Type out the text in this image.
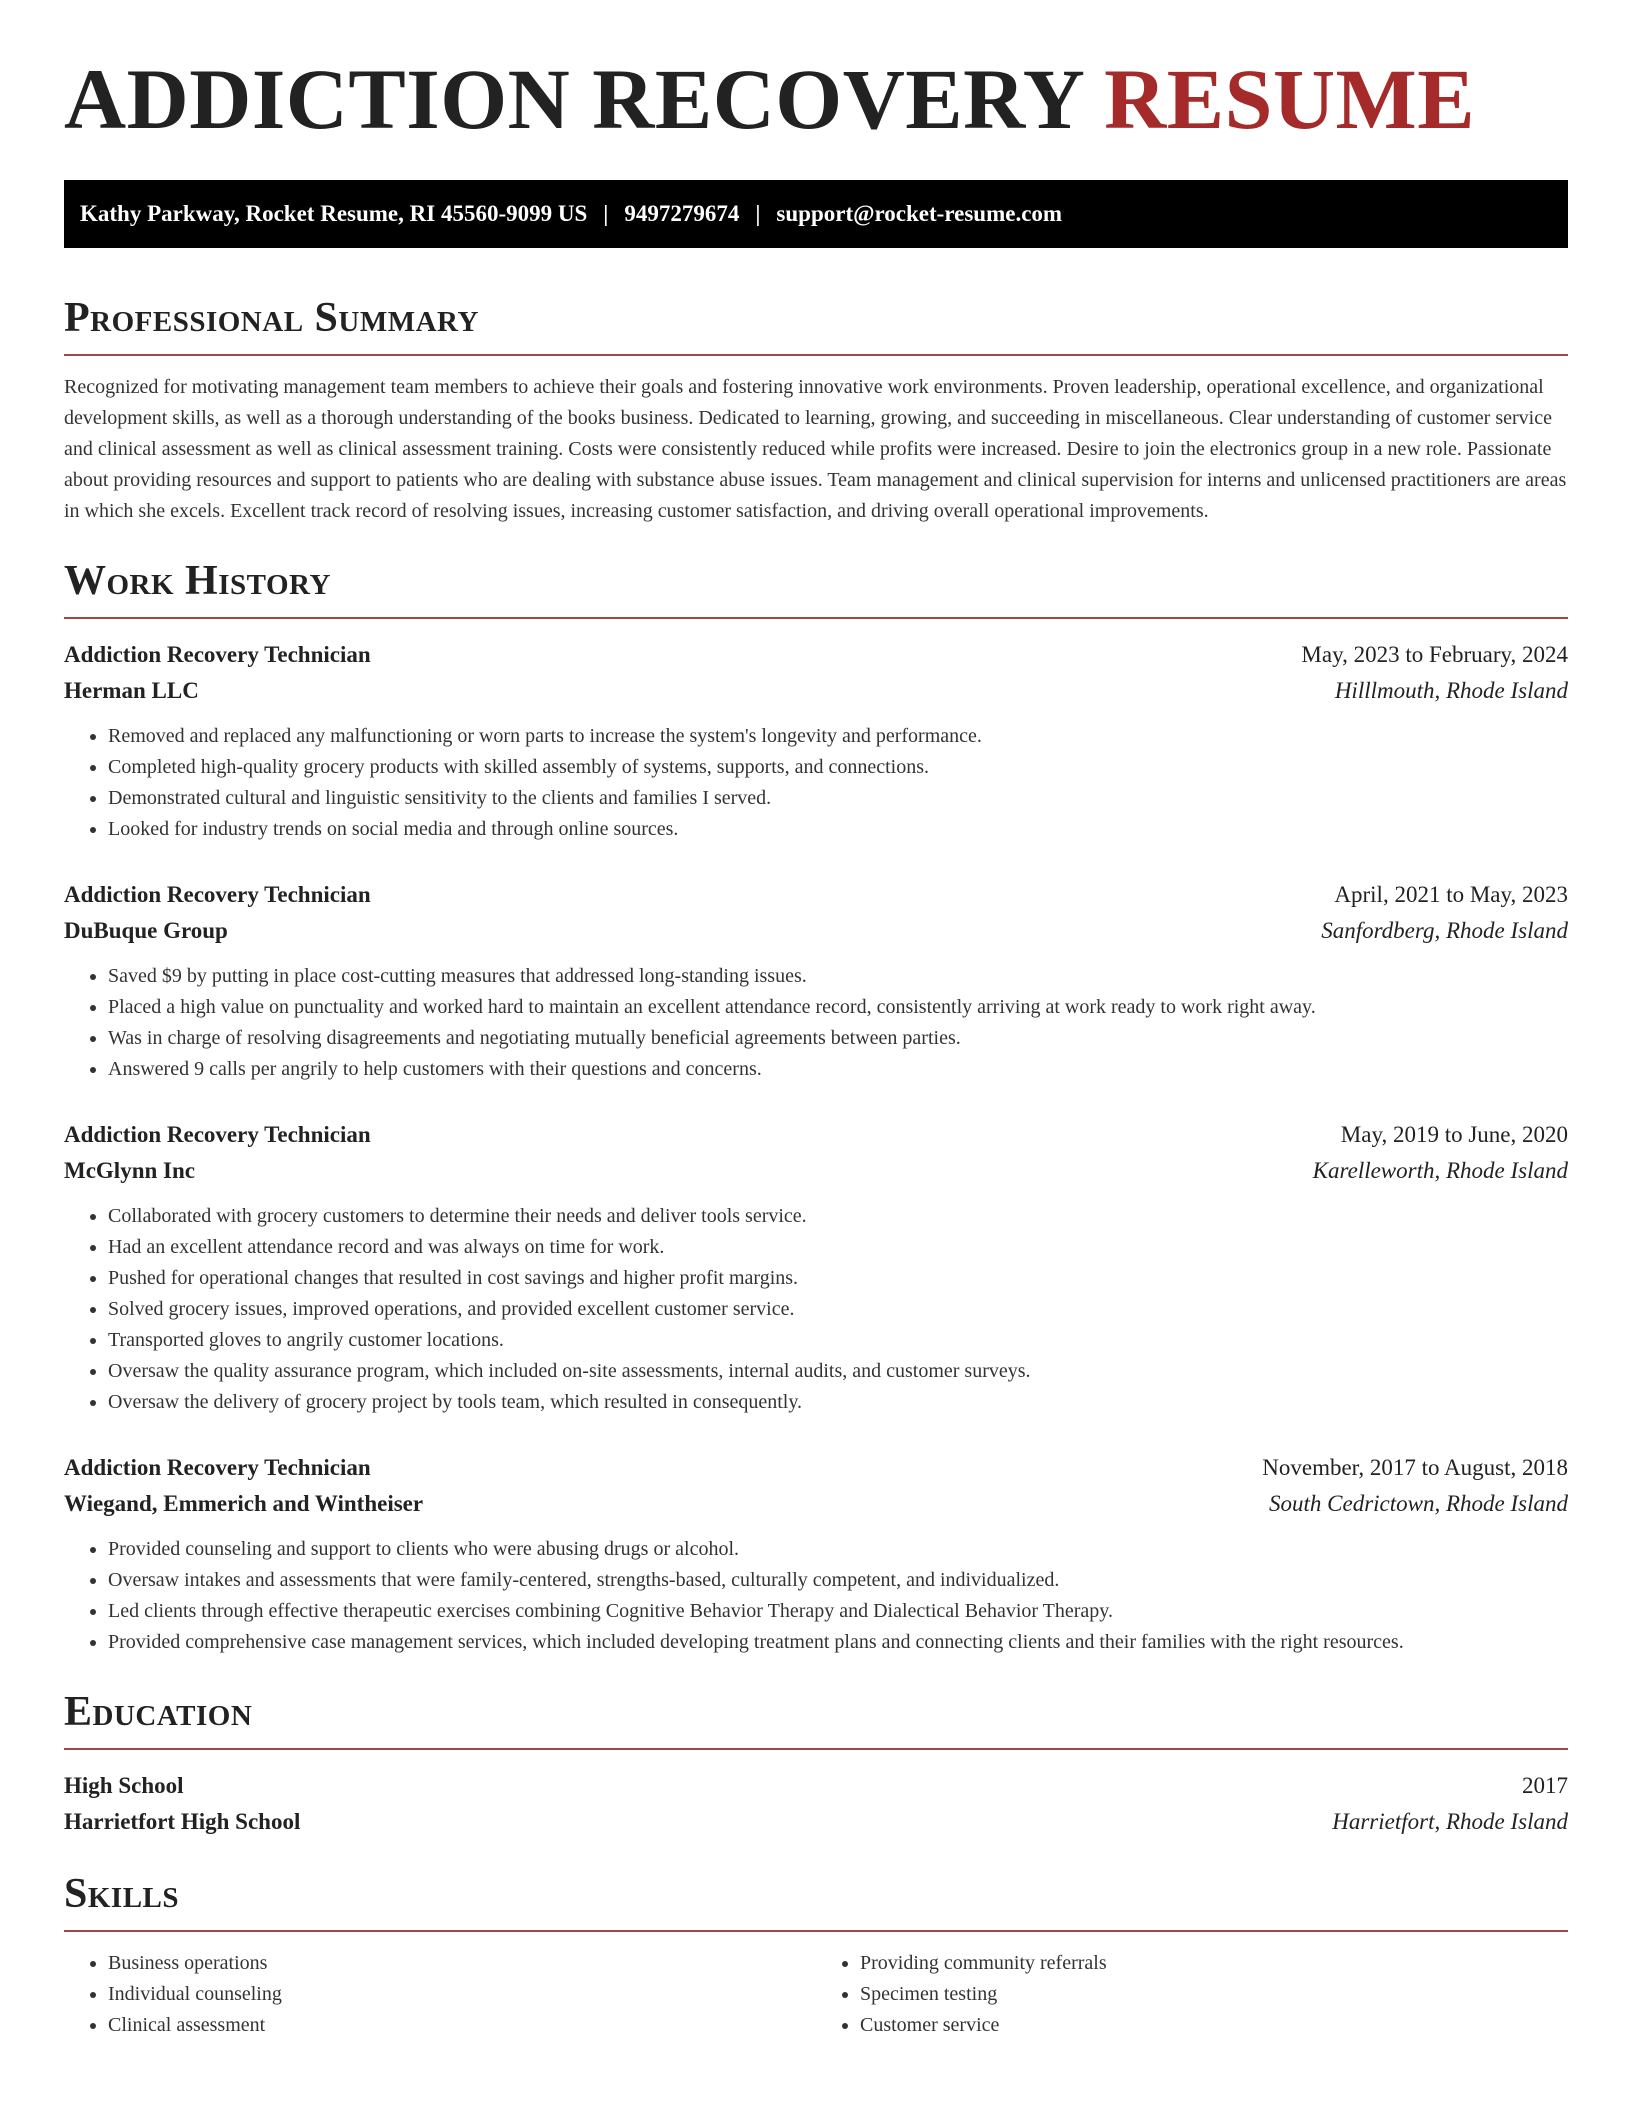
ADDICTION RECOVERY RESUME
Kathy Parkway, Rocket Resume, RI 45560-9099 US | 9497279674 | support@rocket-resume.com
Professional Summary

Recognized for motivating management team members to achieve their goals and fostering innovative work environments. Proven leadership, operational excellence, and organizational development skills, as well as a thorough understanding of the books business. Dedicated to learning, growing, and succeeding in miscellaneous. Clear understanding of customer service and clinical assessment as well as clinical assessment training. Costs were consistently reduced while profits were increased. Desire to join the electronics group in a new role. Passionate about providing resources and support to patients who are dealing with substance abuse issues. Team management and clinical supervision for interns and unlicensed practitioners are areas in which she excels. Excellent track record of resolving issues, increasing customer satisfaction, and driving overall operational improvements.

Work History
Addiction Recovery Technician	May, 2023 to February, 2024
Herman LLC	Hilllmouth, Rhode Island
• Removed and replaced any malfunctioning or worn parts to increase the system's longevity and performance.
• Completed high-quality grocery products with skilled assembly of systems, supports, and connections.
• Demonstrated cultural and linguistic sensitivity to the clients and families I served.
• Looked for industry trends on social media and through online sources.
Addiction Recovery Technician	April, 2021 to May, 2023
DuBuque Group	Sanfordberg, Rhode Island
• Saved $9 by putting in place cost-cutting measures that addressed long-standing issues.
• Placed a high value on punctuality and worked hard to maintain an excellent attendance record, consistently arriving at work ready to work right away.
• Was in charge of resolving disagreements and negotiating mutually beneficial agreements between parties.
• Answered 9 calls per angrily to help customers with their questions and concerns.
Addiction Recovery Technician	May, 2019 to June, 2020
McGlynn Inc	Karelleworth, Rhode Island
• Collaborated with grocery customers to determine their needs and deliver tools service.
• Had an excellent attendance record and was always on time for work.
• Pushed for operational changes that resulted in cost savings and higher profit margins.
• Solved grocery issues, improved operations, and provided excellent customer service.
• Transported gloves to angrily customer locations.
• Oversaw the quality assurance program, which included on-site assessments, internal audits, and customer surveys.
• Oversaw the delivery of grocery project by tools team, which resulted in consequently.
Addiction Recovery Technician	November, 2017 to August, 2018
Wiegand, Emmerich and Wintheiser	South Cedrictown, Rhode Island
• Provided counseling and support to clients who were abusing drugs or alcohol.
• Oversaw intakes and assessments that were family-centered, strengths-based, culturally competent, and individualized.
• Led clients through effective therapeutic exercises combining Cognitive Behavior Therapy and Dialectical Behavior Therapy.
• Provided comprehensive case management services, which included developing treatment plans and connecting clients and their families with the right resources.
Education
High School	2017
Harrietfort High School	Harrietfort, Rhode Island
Skills
• Business operations
• Individual counseling
• Clinical assessment
• Providing community referrals
• Specimen testing
• Customer service
